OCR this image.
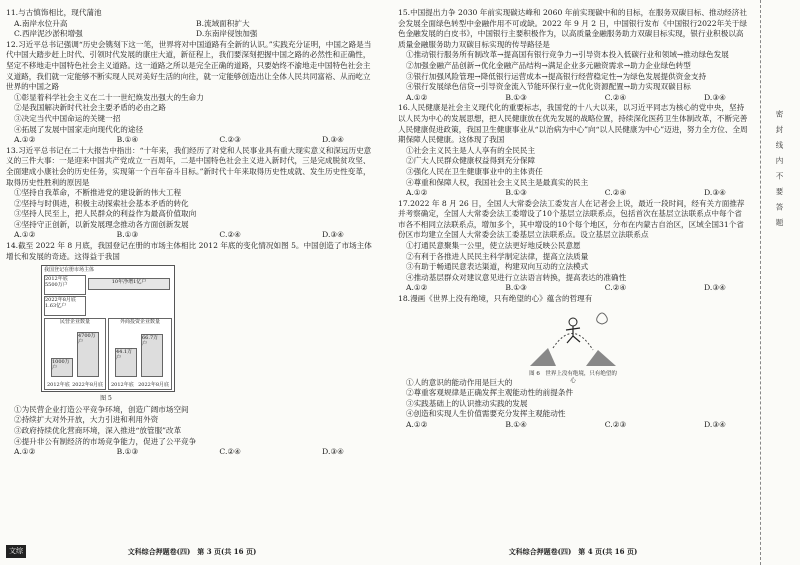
11.与古慎饰相比，现代蒲池

A.南岸水位升高	B.流域面积扩大
C.西岸泥沙淤积增强	D.东南岸侵蚀加强

12.习近平总书记强调“历史会镌刻下这一笔，世界将对中国道路有全新的认识。”实践充分证明，中国之路是当代中国大踏步赶上时代、引领时代发展的康庄大道，新征程上，我们要深刻把握中国之路的必然性和正确性，坚定不移地走中国特色社会主义道路。这一道路之所以是完全正确的道路，只要始终不渝地走中国特色社会主义道路，我们就一定能够不断实现人民对美好生活的向往，就一定能够创造出让全体人民共同富裕、从而屹立世界的中国之路

①彰显着科学社会主义在二十一世纪焕发出强大的生命力

②是我国解决新时代社会主要矛盾的必由之路

③决定当代中国命运的关键一招

④拓展了发展中国家走向现代化的途径

A.①②	B.①④	C.②③	D.③④

13.习近平总书记在二十大报告中指出：“十年来，我们经历了对党和人民事业具有重大现实意义和深远历史意义的三件大事：一是迎来中国共产党成立一百周年，二是中国特色社会主义进入新时代，三是完成脱贫攻坚、全面建成小康社会的历史任务，实现第一个百年奋斗目标。”新时代十年来取得历史性成就、发生历史性变革，取得历史性胜利的原因是

①坚持自我革命，不断推进党的建设新的伟大工程

②坚持与时俱进，积极主动探索社会基本矛盾的转化

③坚持人民至上，把人民群众的利益作为最高价值取向

④坚持守正创新，以新发展理念推动各方面创新发展

A.①②	B.①③	C.②④	D.③④

14.截至 2022 年 8 月底，我国登记在册的市场主体相比 2012 年底的变化情况如图 5。中国创造了市场主体增长和发展的奇迹。这得益于我国

我国登记在册市场主体
2012年底
5500万户	10年净增1亿户
2022年8月底
1.63亿户
民营企业数量
1000万户
4700万户
2012年底 2022年8月底
外商投资企业数量
44.1万户
66.7万户
2012年底 2022年8月底
图 5

①为民营企业打造公平竞争环境，创造广阔市场空间

②持续扩大对外开放，大力引进和利用外资

③政府持续优化营商环境，深入推进“放管服”改革

④提升非公有制经济的市场竞争能力，促进了公平竞争

A.①②	B.①③	C.②④	D.③④
文综	文科综合押题卷(四)　第 3 页(共 16 页)

15.中国提出力争 2030 年前实现碳达峰和 2060 年前实现碳中和的目标，在服务双碳目标、推动经济社会发展全面绿色转型中金融作用不可或缺。2022 年 9 月 2 日，中国银行发布《中国银行2022年关于绿色金融发展的白皮书》，中国银行主要积极作为，以高质量金融服务助力双碳目标实现，银行业积极以高质量金融服务助力双碳目标实现的传导路径是

①推动银行服务所有制改革→提高国有银行竞争力→引导资本投入低碳行业和领域→推动绿色发展

②加强金融产品创新→优化金融产品结构→满足企业多元融资需求→助力企业绿色转型

③银行加强风险管理→降低银行运营成本→提高银行经营稳定性→为绿色发展提供资金支持

④银行发展绿色信贷→引导资金流入节能环保行业→优化资源配置→助力实现双碳目标

A.①②	B.①③	C.②④	D.③④

16.人民健康是社会主义现代化的重要标志，我国党的十八大以来，以习近平同志为核心的党中央，坚持以人民为中心的发展思想，把人民健康放在优先发展的战略位置，持续深化医药卫生体制改革，不断完善人民健康促进政策，我国卫生健康事业从“以治病为中心”向“以人民健康为中心”迈进，努力全方位、全周期保障人民健康。这体现了我国

①社会主义民主是人人享有的全民民主

②广大人民群众健康权益得到充分保障

③强化人民在卫生健康事业中的主体责任

④尊重和保障人权，我国社会主义民主是最真实的民主

A.①②	B.①③	C.②④	D.③④

17.2022 年 8 月 26 日，全国人大常委会法工委发言人在记者会上说，最近一段时间，经有关方面推荐并考察确定，全国人大常委会法工委增设了10个基层立法联系点，包括首次在基层立法联系点中每个省市各不相同立法联系点，增加多个，其中增设的10个每个地区，分布在内蒙古自治区，区域全国31个省份区市均建立全国人大常委会法工委基层立法联系点。设立基层立法联系点

①打通民意聚集一公里，使立法更好地反映公民意愿

②有利于各推进人民民主科学制定法律，提高立法质量

③有助于畅通民意表达渠道，构建双向互动的立法模式

④推动基层群众对建议意见进行立法语言转换，提高表达的准确性

A.①②	B.①③	C.②④	D.③④

18.漫画《世界上没有绝境，只有绝望的心》蕴含的哲理有

图 6　世界上没有绝境，只有绝望的心

①人的意识的能动作用是巨大的

②尊重客观规律是正确发挥主观能动性的前提条件

③实践基础上的认识推动实践的发展

④创造和实现人生价值需要充分发挥主观能动性

A.①②	B.①④	C.②③	D.③④
文科综合押题卷(四)　第 4 页(共 16 页)
密封线内不要答题
